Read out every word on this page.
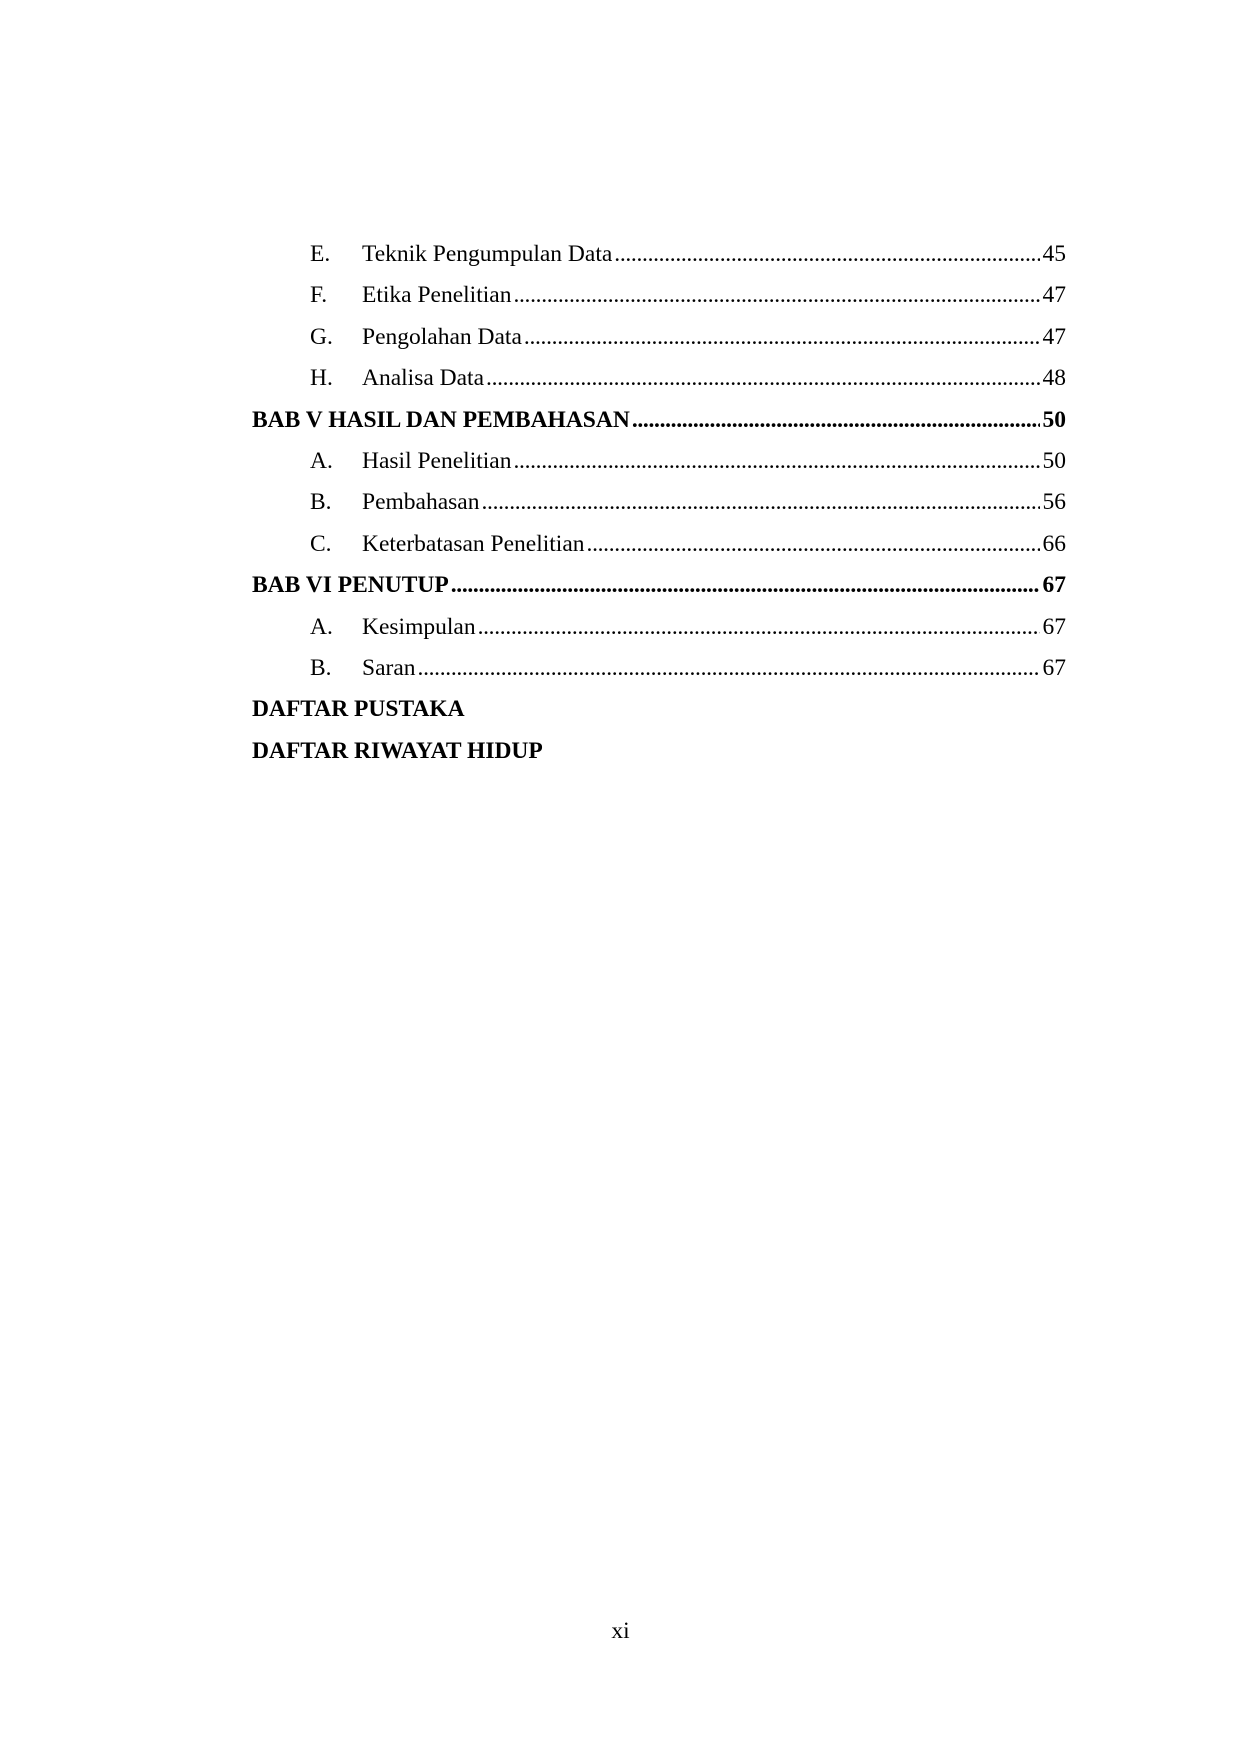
E.	Teknik Pengumpulan Data . . .	45
F.	Etika Penelitian . . .	47
G.	Pengolahan Data . . .	47
H.	Analisa Data . . .	48
BAB V HASIL DAN PEMBAHASAN . . .	50
A.	Hasil Penelitian . . .	50
B.	Pembahasan . . .	56
C.	Keterbatasan Penelitian . . .	66
BAB VI PENUTUP . . .	67
A.	Kesimpulan . . .	67
B.	Saran . . .	67
DAFTAR PUSTAKA
DAFTAR RIWAYAT HIDUP
xi
